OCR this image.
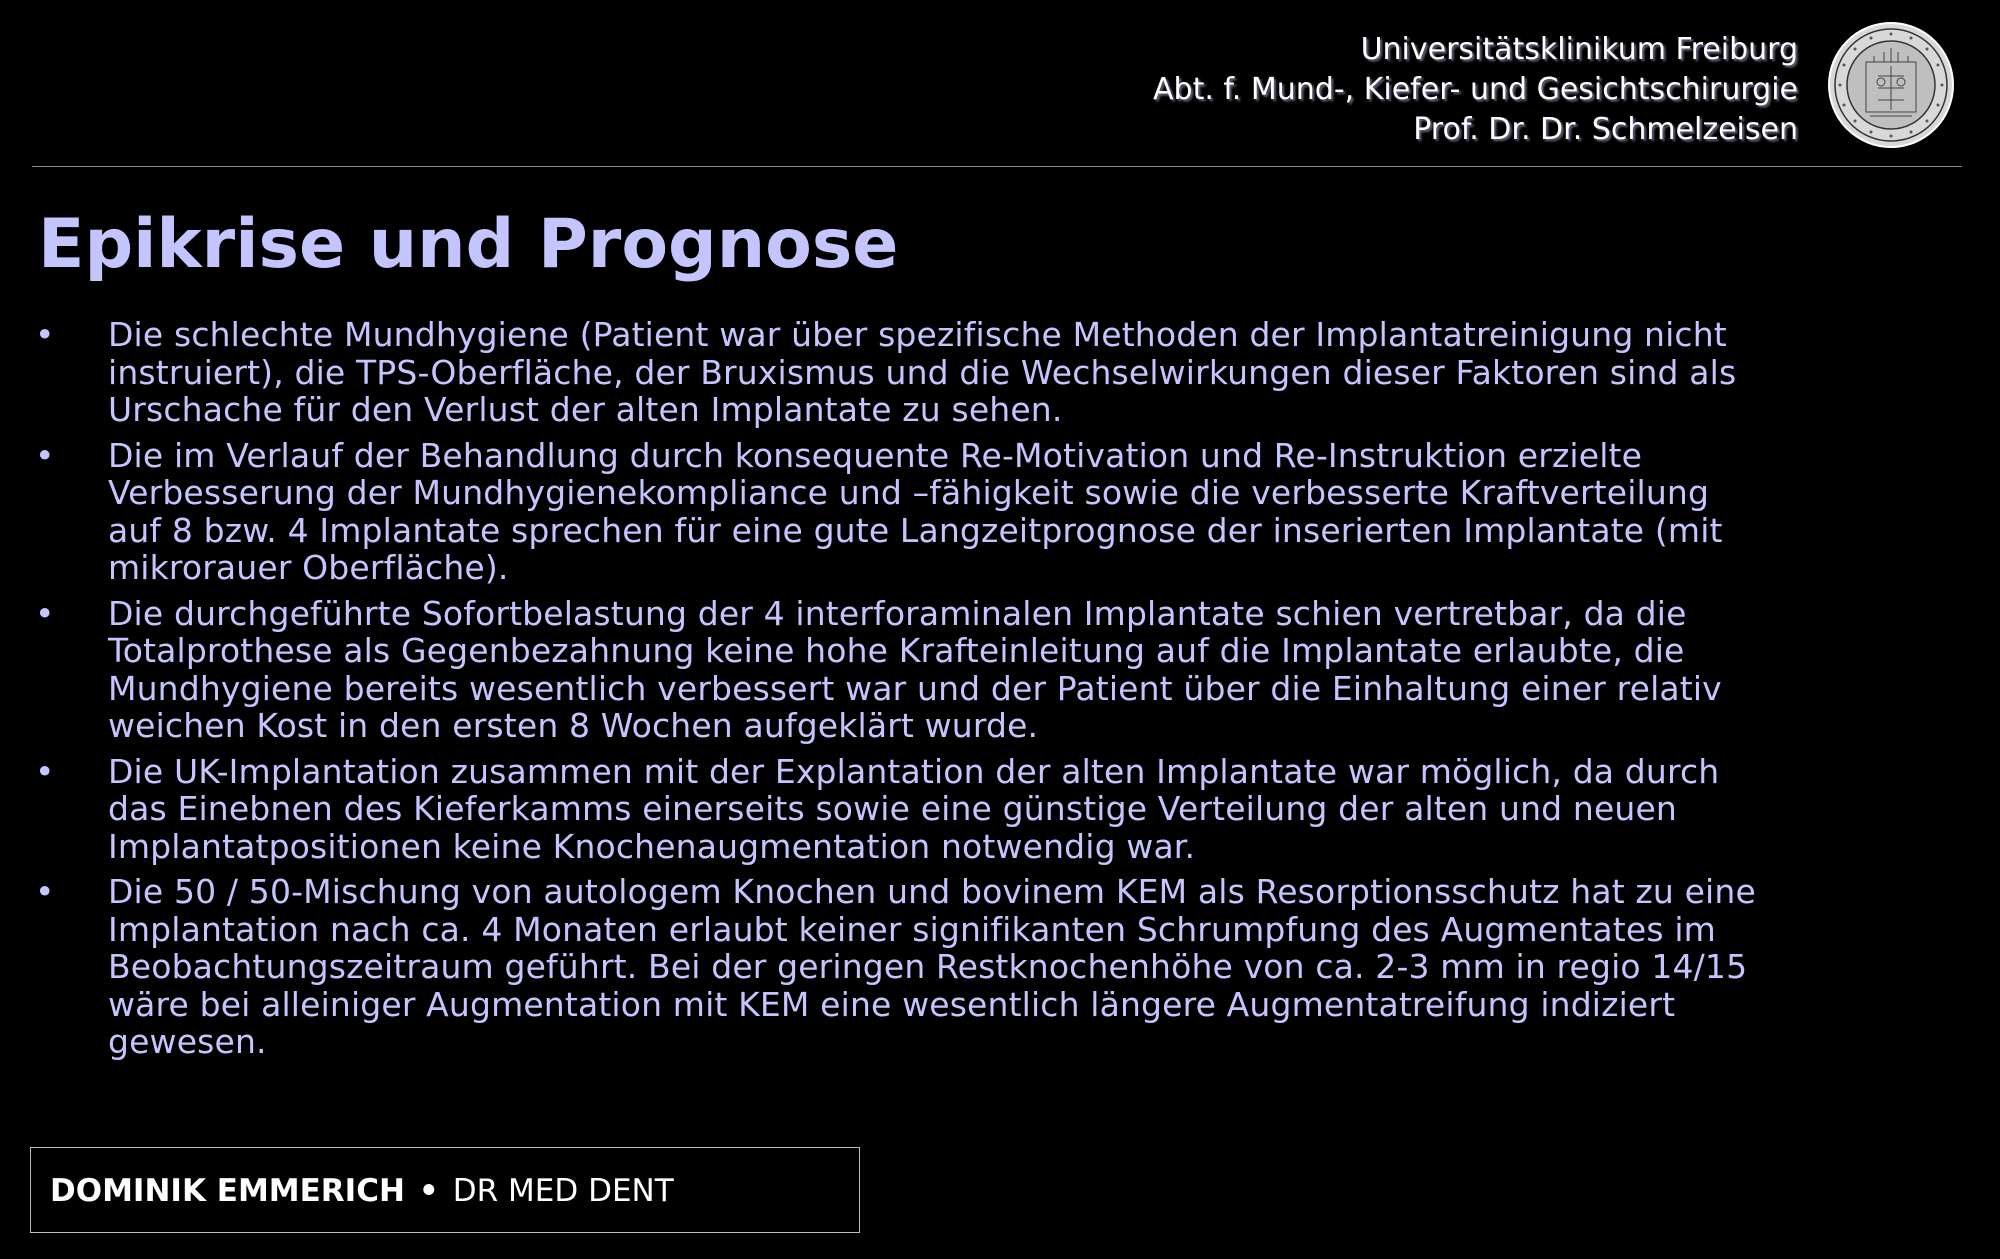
Universitätsklinikum Freiburg
Abt. f. Mund-, Kiefer- und Gesichtschirurgie
Prof. Dr. Dr. Schmelzeisen
Epikrise und Prognose
• Die schlechte Mundhygiene (Patient war über spezifische Methoden der Implantatreinigung nicht
instruiert), die TPS-Oberfläche, der Bruxismus und die Wechselwirkungen dieser Faktoren sind als
Urschache für den Verlust der alten Implantate zu sehen.
• Die im Verlauf der Behandlung durch konsequente Re-Motivation und Re-Instruktion erzielte
Verbesserung der Mundhygienekompliance und –fähigkeit sowie die verbesserte Kraftverteilung
auf 8 bzw. 4 Implantate sprechen für eine gute Langzeitprognose der inserierten Implantate (mit
mikrorauer Oberfläche).
• Die durchgeführte Sofortbelastung der 4 interforaminalen Implantate schien vertretbar, da die
Totalprothese als Gegenbezahnung keine hohe Krafteinleitung auf die Implantate erlaubte, die
Mundhygiene bereits wesentlich verbessert war und der Patient über die Einhaltung einer relativ
weichen Kost in den ersten 8 Wochen aufgeklärt wurde.
• Die UK-Implantation zusammen mit der Explantation der alten Implantate war möglich, da durch
das Einebnen des Kieferkamms einerseits sowie eine günstige Verteilung der alten und neuen
Implantatpositionen keine Knochenaugmentation notwendig war.
• Die 50 / 50-Mischung von autologem Knochen und bovinem KEM als Resorptionsschutz hat zu eine
Implantation nach ca. 4 Monaten erlaubt keiner signifikanten Schrumpfung des Augmentates im
Beobachtungszeitraum geführt. Bei der geringen Restknochenhöhe von ca. 2-3 mm in regio 14/15
wäre bei alleiniger Augmentation mit KEM eine wesentlich längere Augmentatreifung indiziert
gewesen.
DOMINIK EMMERICH • DR MED DENT
